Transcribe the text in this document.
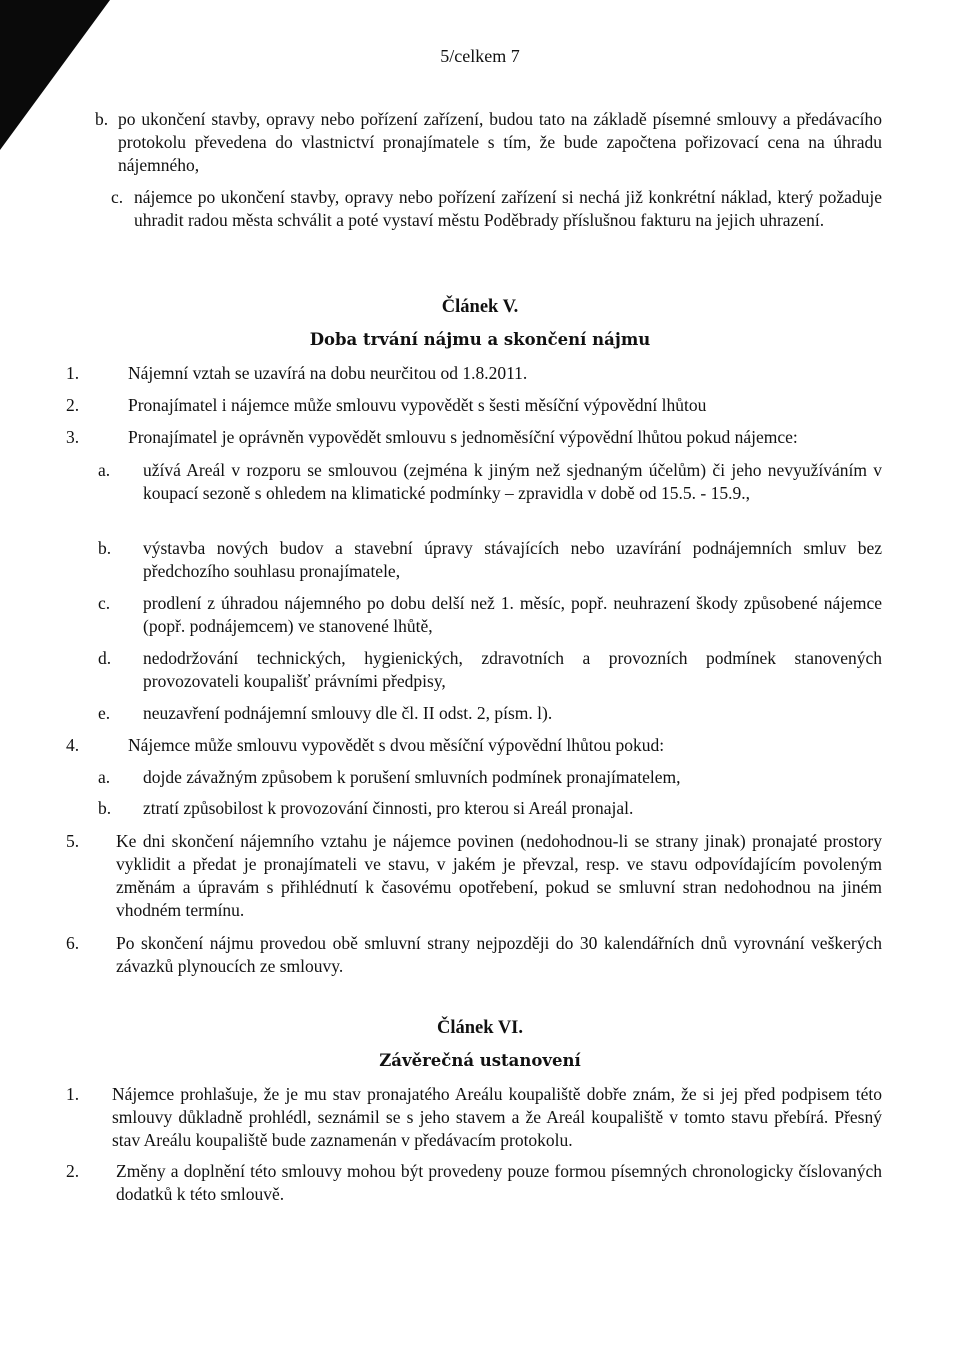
5/celkem 7
b. po ukončení stavby, opravy nebo pořízení zařízení, budou tato na základě písemné smlouvy a předávacího protokolu převedena do vlastnictví pronajímatele s tím, že bude započtena pořizovací cena na úhradu nájemného,
c. nájemce po ukončení stavby, opravy nebo pořízení zařízení si nechá již konkrétní náklad, který požaduje uhradit radou města schválit a poté vystaví městu Poděbrady příslušnou fakturu na jejich uhrazení.
Článek V.
Doba trvání nájmu a skončení nájmu
1.	Nájemní vztah se uzavírá na dobu neurčitou od 1.8.2011.
2.	Pronajímatel i nájemce může smlouvu vypovědět s šesti měsíční výpovědní lhůtou
3.	Pronajímatel je oprávněn vypovědět smlouvu s jednoměsíční výpovědní lhůtou pokud nájemce:
a. užívá Areál v rozporu se smlouvou (zejména k jiným než sjednaným účelům) či jeho nevyužíváním v koupací sezoně s ohledem na klimatické podmínky – zpravidla v době od 15.5. - 15.9.,
b. výstavba nových budov a stavební úpravy stávajících nebo uzavírání podnájemních smluv bez předchozího souhlasu pronajímatele,
c. prodlení z úhradou nájemného po dobu delší než 1. měsíc, popř. neuhrazení škody způsobené nájemce (popř. podnájemcem) ve stanovené lhůtě,
d. nedodržování technických, hygienických, zdravotních a provozních podmínek stanovených provozovateli koupališť právními předpisy,
e. neuzavření podnájemní smlouvy dle čl. II odst. 2, písm. l).
4.	Nájemce může smlouvu vypovědět s dvou měsíční výpovědní lhůtou pokud:
a. dojde závažným způsobem k porušení smluvních podmínek pronajímatelem,
b. ztratí způsobilost k provozování činnosti, pro kterou si Areál pronajal.
5. Ke dni skončení nájemního vztahu je nájemce povinen (nedohodnou-li se strany jinak) pronajaté prostory vyklidit a předat je pronajímateli ve stavu, v jakém je převzal, resp. ve stavu odpovídajícím povoleným změnám a úpravám s přihlédnutí k časovému opotřebení, pokud se smluvní stran nedohodnou na jiném vhodném termínu.
6. Po skončení nájmu provedou obě smluvní strany nejpozději do 30 kalendářních dnů vyrovnání veškerých závazků plynoucích ze smlouvy.
Článek VI.
Závěrečná ustanovení
1. Nájemce prohlašuje, že je mu stav pronajatého Areálu koupaliště dobře znám, že si jej před podpisem této smlouvy důkladně prohlédl, seznámil se s jeho stavem a že Areál koupaliště v tomto stavu přebírá. Přesný stav Areálu koupaliště bude zaznamenán v předávacím protokolu.
2. Změny a doplnění této smlouvy mohou být provedeny pouze formou písemných chronologicky číslovaných dodatků k této smlouvě.
